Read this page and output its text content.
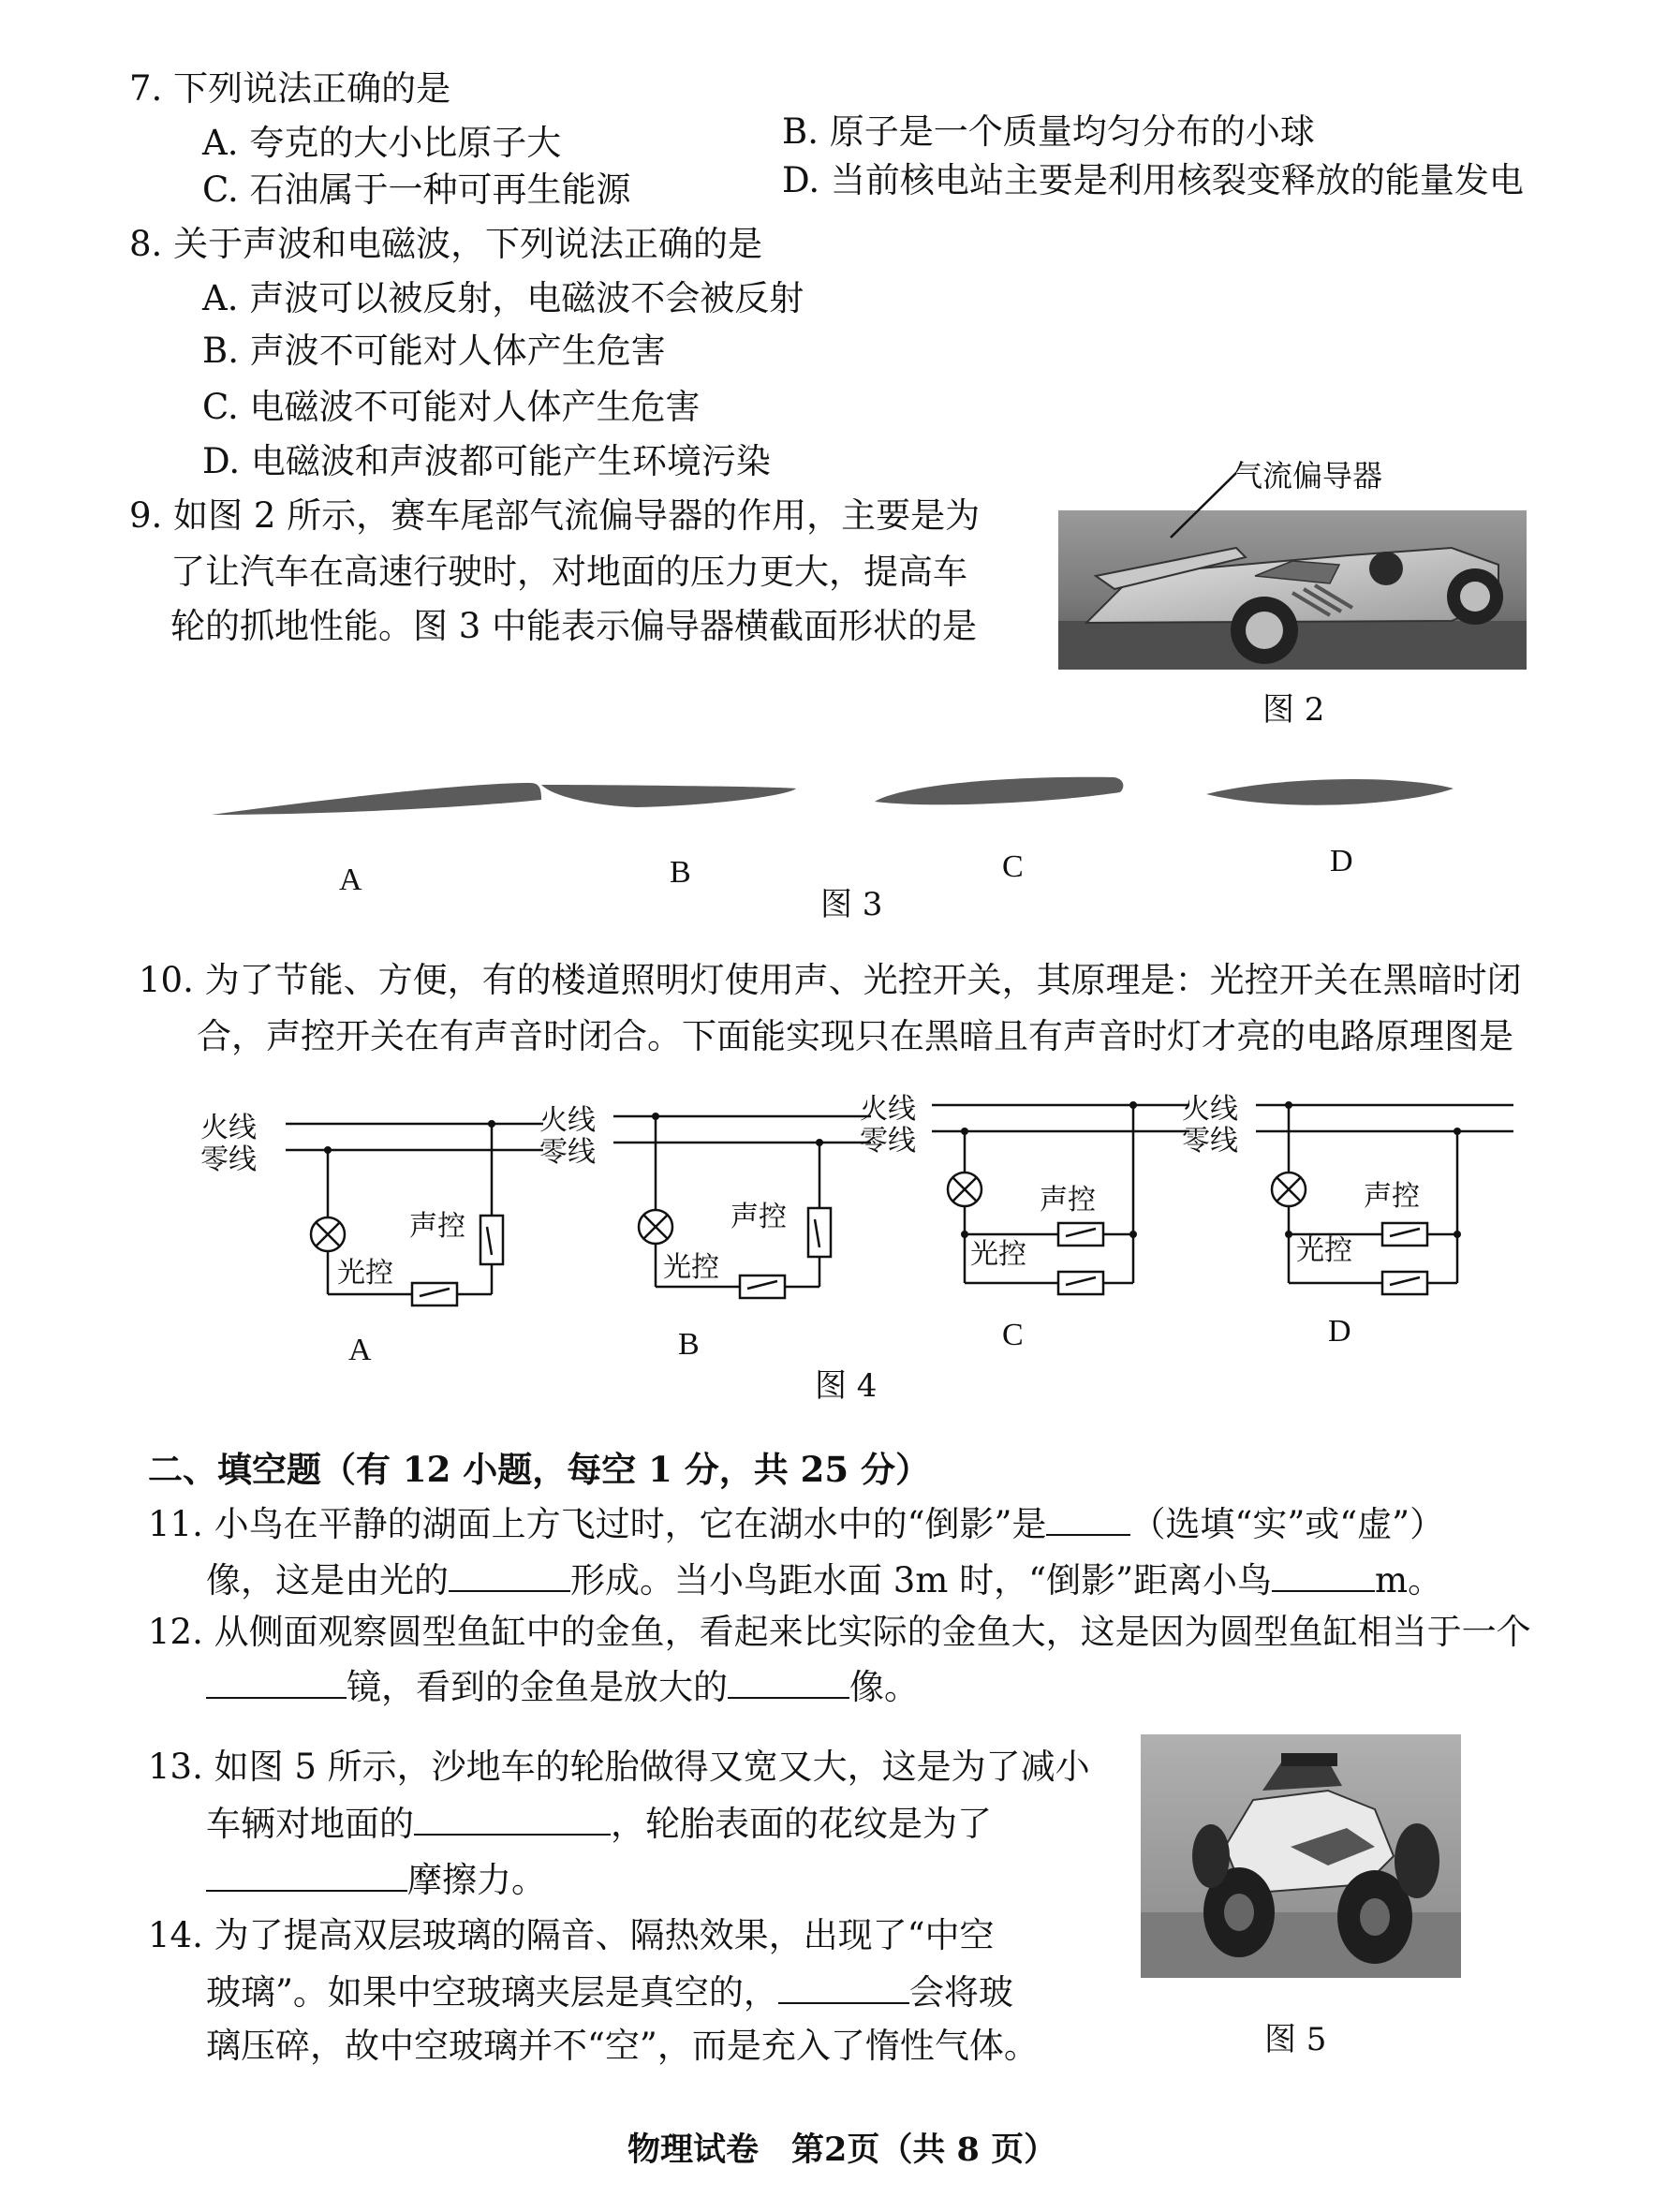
7. 下列说法正确的是
A. 夸克的大小比原子大	B. 原子是一个质量均匀分布的小球
C. 石油属于一种可再生能源	D. 当前核电站主要是利用核裂变释放的能量发电
8. 关于声波和电磁波，下列说法正确的是
A. 声波可以被反射，电磁波不会被反射
B. 声波不可能对人体产生危害
C. 电磁波不可能对人体产生危害
D. 电磁波和声波都可能产生环境污染
9. 如图 2 所示，赛车尾部气流偏导器的作用，主要是为
了让汽车在高速行驶时，对地面的压力更大，提高车
轮的抓地性能。图 3 中能表示偏导器横截面形状的是
气流偏导器
图 2
A	B	C	D
图 3
10. 为了节能、方便，有的楼道照明灯使用声、光控开关，其原理是：光控开关在黑暗时闭
合，声控开关在有声音时闭合。下面能实现只在黑暗且有声音时灯才亮的电路原理图是
火线
零线
声控
光控
A
火线
零线
声控
光控
B
火线
零线
声控
光控
C
火线
零线
声控
光控
D
图 4
二、填空题（有 12 小题，每空 1 分，共 25 分）
11. 小鸟在平静的湖面上方飞过时，它在湖水中的“倒影”是 （选填“实”或“虚”）
像，这是由光的	形成。当小鸟距水面 3m 时，“倒影”距离小鸟	m。
12. 从侧面观察圆型鱼缸中的金鱼，看起来比实际的金鱼大，这是因为圆型鱼缸相当于一个
镜，看到的金鱼是放大的	像。
13. 如图 5 所示，沙地车的轮胎做得又宽又大，这是为了减小
车辆对地面的	，轮胎表面的花纹是为了
摩擦力。
14. 为了提高双层玻璃的隔音、隔热效果，出现了“中空
玻璃”。如果中空玻璃夹层是真空的，	会将玻
璃压碎，故中空玻璃并不“空”，而是充入了惰性气体。	图 5
物理试卷　第2页（共 8 页）
